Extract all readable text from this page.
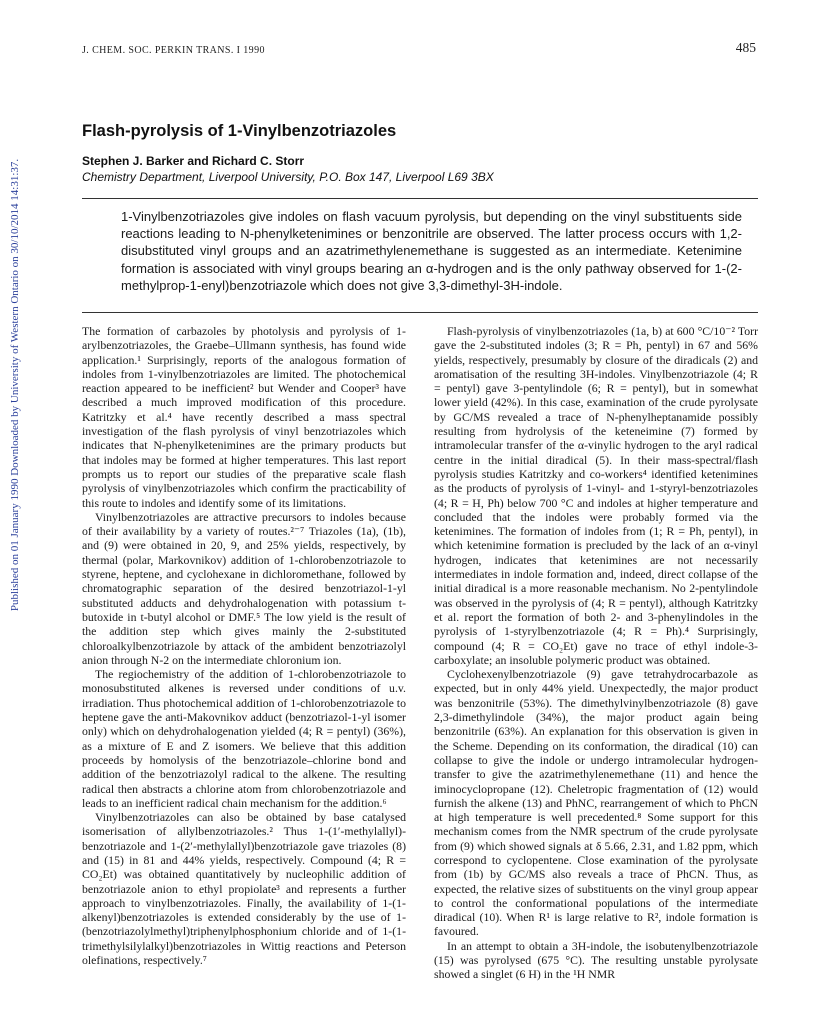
Published on 01 January 1990 Downloaded by University of Western Ontario on 30/10/2014 14:31:37.
J. CHEM. SOC. PERKIN TRANS. I 1990	485
Flash-pyrolysis of 1-Vinylbenzotriazoles
Stephen J. Barker and Richard C. Storr
Chemistry Department, Liverpool University, P.O. Box 147, Liverpool L69 3BX
1-Vinylbenzotriazoles give indoles on flash vacuum pyrolysis, but depending on the vinyl substituents side reactions leading to N-phenylketenimines or benzonitrile are observed. The latter process occurs with 1,2-disubstituted vinyl groups and an azatrimethylenemethane is suggested as an intermediate. Ketenimine formation is associated with vinyl groups bearing an α-hydrogen and is the only pathway observed for 1-(2-methylprop-1-enyl)benzotriazole which does not give 3,3-dimethyl-3H-indole.

The formation of carbazoles by photolysis and pyrolysis of 1-arylbenzotriazoles, the Graebe–Ullmann synthesis, has found wide application.¹ Surprisingly, reports of the analogous formation of indoles from 1-vinylbenzotriazoles are limited. The photochemical reaction appeared to be inefficient² but Wender and Cooper³ have described a much improved modification of this procedure. Katritzky et al.⁴ have recently described a mass spectral investigation of the flash pyrolysis of vinyl benzotriazoles which indicates that N-phenylketenimines are the primary products but that indoles may be formed at higher temperatures. This last report prompts us to report our studies of the preparative scale flash pyrolysis of vinylbenzotriazoles which confirm the practicability of this route to indoles and identify some of its limitations.

Vinylbenzotriazoles are attractive precursors to indoles because of their availability by a variety of routes.²⁻⁷ Triazoles (1a), (1b), and (9) were obtained in 20, 9, and 25% yields, respectively, by thermal (polar, Markovnikov) addition of 1-chlorobenzotriazole to styrene, heptene, and cyclohexane in dichloromethane, followed by chromatographic separation of the desired benzotriazol-1-yl substituted adducts and dehydrohalogenation with potassium t-butoxide in t-butyl alcohol or DMF.⁵ The low yield is the result of the addition step which gives mainly the 2-substituted chloroalkylbenzotriazole by attack of the ambident benzotriazolyl anion through N-2 on the intermediate chloronium ion.

The regiochemistry of the addition of 1-chlorobenzotriazole to monosubstituted alkenes is reversed under conditions of u.v. irradiation. Thus photochemical addition of 1-chlorobenzotriazole to heptene gave the anti-Makovnikov adduct (benzotriazol-1-yl isomer only) which on dehydrohalogenation yielded (4; R = pentyl) (36%), as a mixture of E and Z isomers. We believe that this addition proceeds by homolysis of the benzotriazole–chlorine bond and addition of the benzotriazolyl radical to the alkene. The resulting radical then abstracts a chlorine atom from chlorobenzotriazole and leads to an inefficient radical chain mechanism for the addition.⁶

Vinylbenzotriazoles can also be obtained by base catalysed isomerisation of allylbenzotriazoles.² Thus 1-(1′-methylallyl)-benzotriazole and 1-(2′-methylallyl)benzotriazole gave triazoles (8) and (15) in 81 and 44% yields, respectively. Compound (4; R = CO₂Et) was obtained quantitatively by nucleophilic addition of benzotriazole anion to ethyl propiolate³ and represents a further approach to vinylbenzotriazoles. Finally, the availability of 1-(1-alkenyl)benzotriazoles is extended considerably by the use of 1-(benzotriazolylmethyl)triphenylphosphonium chloride and of 1-(1-trimethylsilylalkyl)benzotriazoles in Wittig reactions and Peterson olefinations, respectively.⁷

Flash-pyrolysis of vinylbenzotriazoles (1a, b) at 600 °C/10⁻² Torr gave the 2-substituted indoles (3; R = Ph, pentyl) in 67 and 56% yields, respectively, presumably by closure of the diradicals (2) and aromatisation of the resulting 3H-indoles. Vinylbenzotriazole (4; R = pentyl) gave 3-pentylindole (6; R = pentyl), but in somewhat lower yield (42%). In this case, examination of the crude pyrolysate by GC/MS revealed a trace of N-phenylheptanamide possibly resulting from hydrolysis of the keteneimine (7) formed by intramolecular transfer of the α-vinylic hydrogen to the aryl radical centre in the initial diradical (5). In their mass-spectral/flash pyrolysis studies Katritzky and co-workers⁴ identified ketenimines as the products of pyrolysis of 1-vinyl- and 1-styryl-benzotriazoles (4; R = H, Ph) below 700 °C and indoles at higher temperature and concluded that the indoles were probably formed via the ketenimines. The formation of indoles from (1; R = Ph, pentyl), in which ketenimine formation is precluded by the lack of an α-vinyl hydrogen, indicates that ketenimines are not necessarily intermediates in indole formation and, indeed, direct collapse of the initial diradical is a more reasonable mechanism. No 2-pentylindole was observed in the pyrolysis of (4; R = pentyl), although Katritzky et al. report the formation of both 2- and 3-phenylindoles in the pyrolysis of 1-styrylbenzotriazole (4; R = Ph).⁴ Surprisingly, compound (4; R = CO₂Et) gave no trace of ethyl indole-3-carboxylate; an insoluble polymeric product was obtained.

Cyclohexenylbenzotriazole (9) gave tetrahydrocarbazole as expected, but in only 44% yield. Unexpectedly, the major product was benzonitrile (53%). The dimethylvinylbenzotriazole (8) gave 2,3-dimethylindole (34%), the major product again being benzonitrile (63%). An explanation for this observation is given in the Scheme. Depending on its conformation, the diradical (10) can collapse to give the indole or undergo intramolecular hydrogen-transfer to give the azatrimethylenemethane (11) and hence the iminocyclopropane (12). Cheletropic fragmentation of (12) would furnish the alkene (13) and PhNC, rearrangement of which to PhCN at high temperature is well precedented.⁸ Some support for this mechanism comes from the NMR spectrum of the crude pyrolysate from (9) which showed signals at δ 5.66, 2.31, and 1.82 ppm, which correspond to cyclopentene. Close examination of the pyrolysate from (1b) by GC/MS also reveals a trace of PhCN. Thus, as expected, the relative sizes of substituents on the vinyl group appear to control the conformational populations of the intermediate diradical (10). When R¹ is large relative to R², indole formation is favoured.

In an attempt to obtain a 3H-indole, the isobutenylbenzotriazole (15) was pyrolysed (675 °C). The resulting unstable pyrolysate showed a singlet (6 H) in the ¹H NMR
